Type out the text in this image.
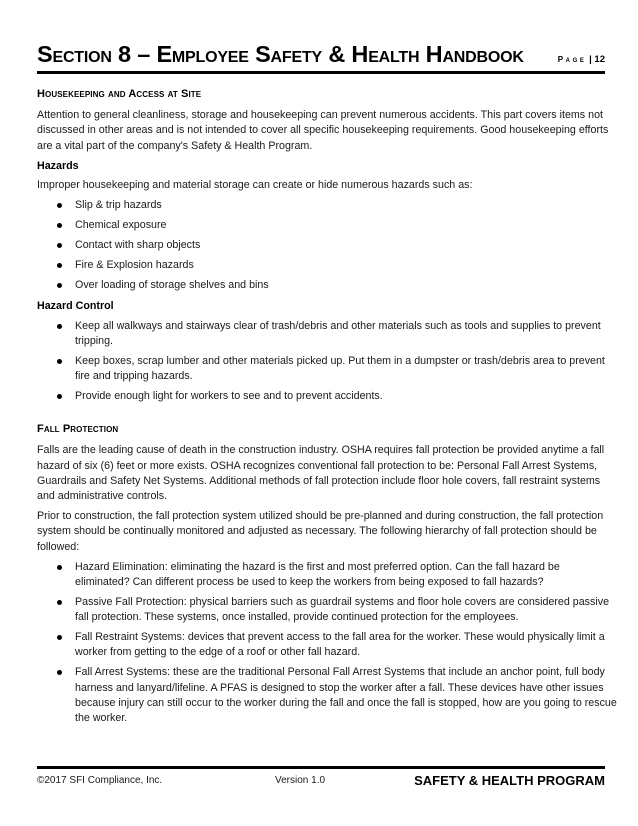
Section 8 – Employee Safety & Health Handbook	Page | 12
Housekeeping and Access at Site

Attention to general cleanliness, storage and housekeeping can prevent numerous accidents. This part covers items not discussed in other areas and is not intended to cover all specific housekeeping requirements. Good housekeeping efforts are a vital part of the company's Safety & Health Program.

Hazards

Improper housekeeping and material storage can create or hide numerous hazards such as:

Slip & trip hazards
Chemical exposure
Contact with sharp objects
Fire & Explosion hazards
Over loading of storage shelves and bins
Hazard Control
Keep all walkways and stairways clear of trash/debris and other materials such as tools and supplies to prevent tripping.
Keep boxes, scrap lumber and other materials picked up. Put them in a dumpster or trash/debris area to prevent fire and tripping hazards.
Provide enough light for workers to see and to prevent accidents.
Fall Protection

Falls are the leading cause of death in the construction industry. OSHA requires fall protection be provided anytime a fall hazard of six (6) feet or more exists. OSHA recognizes conventional fall protection to be: Personal Fall Arrest Systems, Guardrails and Safety Net Systems. Additional methods of fall protection include floor hole covers, fall restraint systems and administrative controls.

Prior to construction, the fall protection system utilized should be pre-planned and during construction, the fall protection system should be continually monitored and adjusted as necessary. The following hierarchy of fall protection should be followed:

Hazard Elimination: eliminating the hazard is the first and most preferred option. Can the fall hazard be eliminated? Can different process be used to keep the workers from being exposed to fall hazards?
Passive Fall Protection: physical barriers such as guardrail systems and floor hole covers are considered passive fall protection. These systems, once installed, provide continued protection for the employees.
Fall Restraint Systems: devices that prevent access to the fall area for the worker. These would physically limit a worker from getting to the edge of a roof or other fall hazard.
Fall Arrest Systems: these are the traditional Personal Fall Arrest Systems that include an anchor point, full body harness and lanyard/lifeline. A PFAS is designed to stop the worker after a fall. These devices have other issues because injury can still occur to the worker during the fall and once the fall is stopped, how are you going to rescue the worker.
©2017 SFI Compliance, Inc.	Version 1.0	SAFETY & HEALTH PROGRAM
